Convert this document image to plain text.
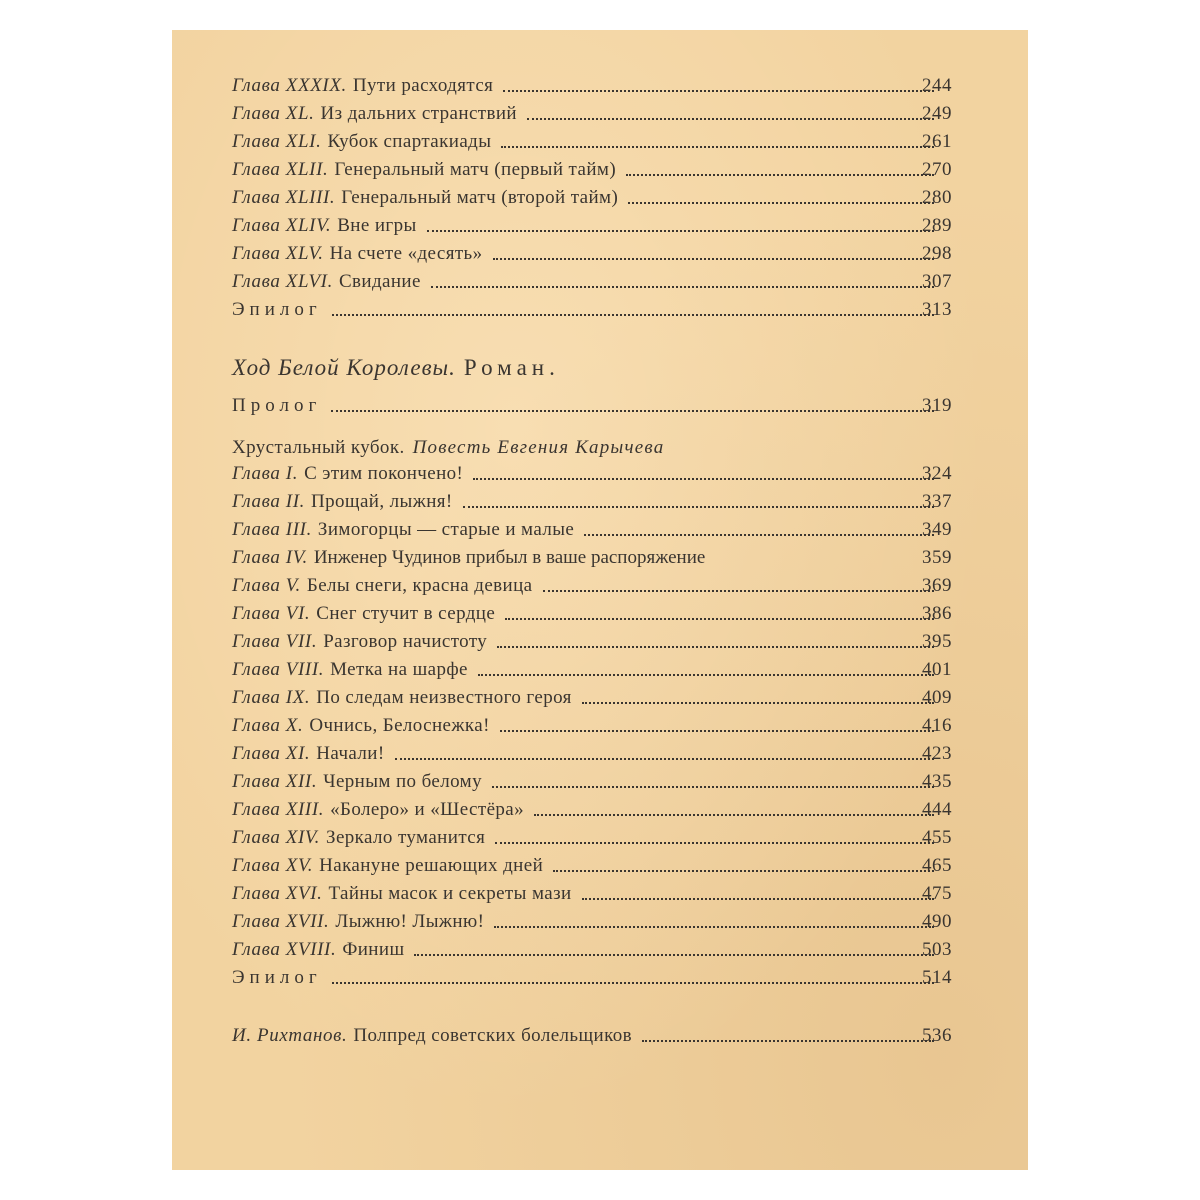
Глава XXXIX. Пути расходятся	244
Глава XL. Из дальних странствий	249
Глава XLI. Кубок спартакиады	261
Глава XLII. Генеральный матч (первый тайм)	270
Глава XLIII. Генеральный матч (второй тайм)	280
Глава XLIV. Вне игры	289
Глава XLV. На счете «десять»	298
Глава XLVI. Свидание	307
Эпилог	313
Ход Белой Королевы. Роман.
Пролог	319
Хрустальный кубок. Повесть Евгения Карычева
Глава I. С этим покончено!	324
Глава II. Прощай, лыжня!	337
Глава III. Зимогорцы — старые и малые	349
Глава IV. Инженер Чудинов прибыл в ваше распоряжение	359
Глава V. Белы снеги, красна девица	369
Глава VI. Снег стучит в сердце	386
Глава VII. Разговор начистоту	395
Глава VIII. Метка на шарфе	401
Глава IX. По следам неизвестного героя	409
Глава X. Очнись, Белоснежка!	416
Глава XI. Начали!	423
Глава XII. Черным по белому	435
Глава XIII. «Болеро» и «Шестёра»	444
Глава XIV. Зеркало туманится	455
Глава XV. Накануне решающих дней	465
Глава XVI. Тайны масок и секреты мази	475
Глава XVII. Лыжню! Лыжню!	490
Глава XVIII. Финиш	503
Эпилог	514
И. Рихтанов. Полпред советских болельщиков	536
